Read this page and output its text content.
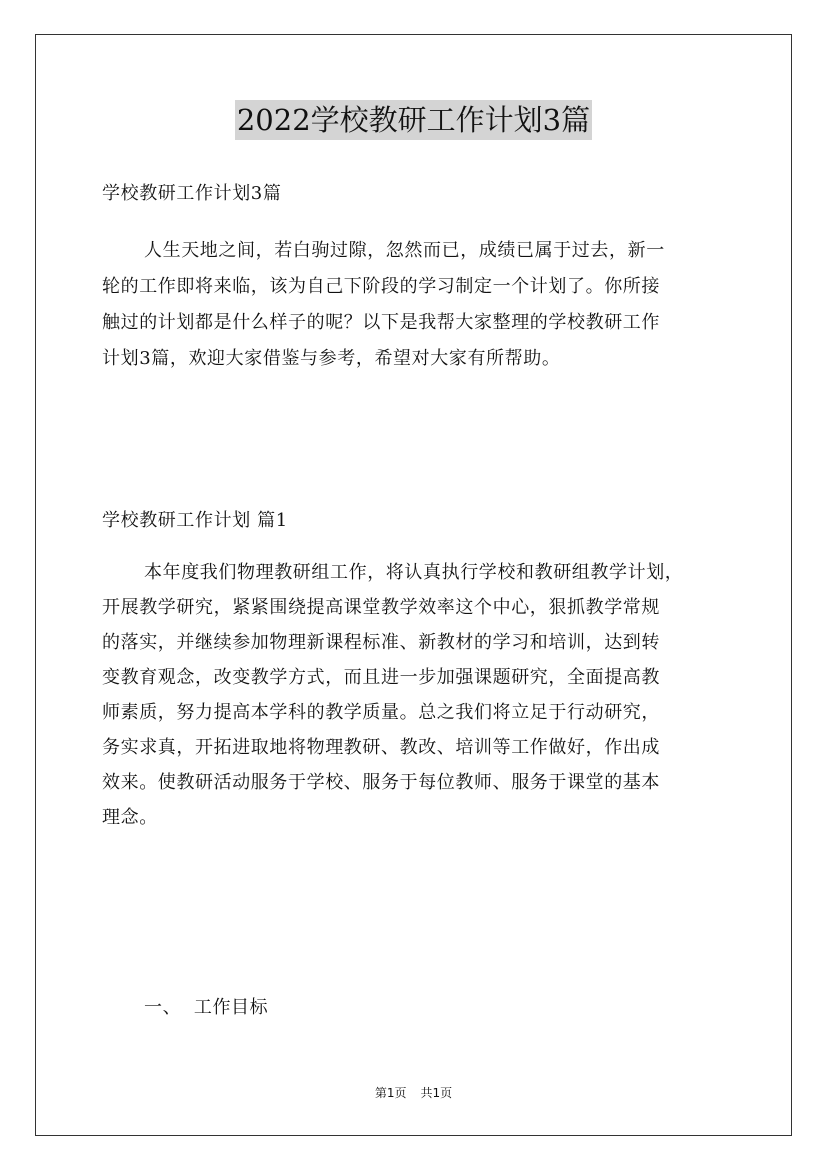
2022学校教研工作计划3篇

学校教研工作计划3篇

人生天地之间，若白驹过隙，忽然而已，成绩已属于过去，新一
轮的工作即将来临，该为自己下阶段的学习制定一个计划了。你所接
触过的计划都是什么样子的呢？以下是我帮大家整理的学校教研工作
计划3篇，欢迎大家借鉴与参考，希望对大家有所帮助。

学校教研工作计划 篇1

本年度我们物理教研组工作，将认真执行学校和教研组教学计划，
开展教学研究，紧紧围绕提高课堂教学效率这个中心，狠抓教学常规
的落实，并继续参加物理新课程标准、新教材的学习和培训，达到转
变教育观念，改变教学方式，而且进一步加强课题研究，全面提高教
师素质，努力提高本学科的教学质量。总之我们将立足于行动研究，
务实求真，开拓进取地将物理教研、教改、培训等工作做好，作出成
效来。使教研活动服务于学校、服务于每位教师、服务于课堂的基本
理念。

一、  工作目标

第1页 共1页
